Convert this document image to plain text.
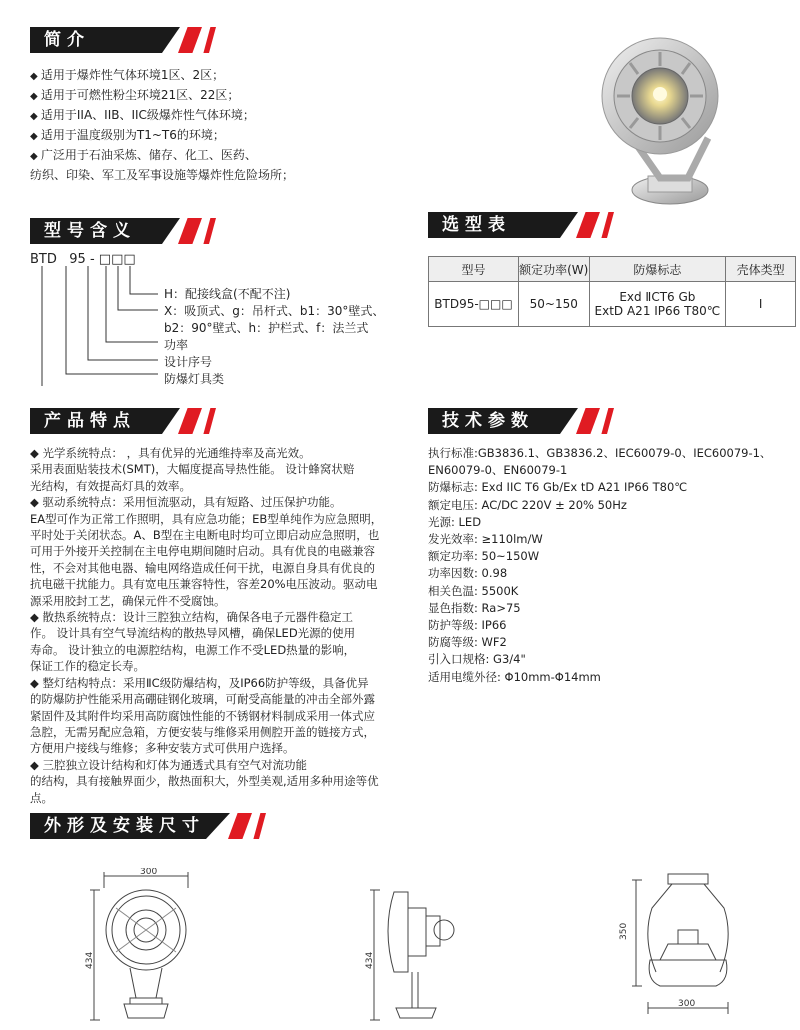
简介

◆ 适用于爆炸性气体环境1区、2区；

◆ 适用于可燃性粉尘环境21区、22区；

◆ 适用于IIA、IIB、IIC级爆炸性气体环境；

◆ 适用于温度级别为T1~T6的环境；

◆ 广泛用于石油采炼、储存、化工、医药、

纺织、印染、军工及军事设施等爆炸性危险场所；

型号含义
BTD 95 - □□□
H：配接线盒(不配不注)
X：吸顶式、g：吊杆式、b1：30°壁式、
b2：90°壁式、h：护栏式、f：法兰式
功率
设计序号
防爆灯具类
选型表
型号	额定功率(W)	防爆标志	壳体类型
BTD95-□□□	50~150	Exd ⅡCT6 Gb
ExtD A21 IP66 T80℃	Ⅰ
产品特点

◆ 光学系统特点： ，具有优异的光通维持率及高光效。

采用表面贴装技术(SMT)，大幅度提高导热性能。 设计蜂窝状赔

光结构，有效提高灯具的效率。

◆ 驱动系统特点：采用恒流驱动，具有短路、过压保护功能。

EA型可作为正常工作照明，具有应急功能；EB型单纯作为应急照明，

平时处于关闭状态。A、B型在主电断电时均可立即启动应急照明，也

可用于外接开关控制在主电停电期间随时启动。具有优良的电磁兼容

性，不会对其他电器、输电网络造成任何干扰，电源自身具有优良的

抗电磁干扰能力。具有宽电压兼容特性，容差20%电压波动。驱动电

源采用胶封工艺，确保元件不受腐蚀。

◆ 散热系统特点：设计三腔独立结构，确保各电子元器件稳定工

作。 设计具有空气导流结构的散热导风槽，确保LED光源的使用

寿命。 设计独立的电源腔结构，电源工作不受LED热量的影响，

保证工作的稳定长寿。

◆ 整灯结构特点：采用ⅡC级防爆结构，及IP66防护等级，具备优异

的防爆防护性能采用高硼硅钢化玻璃，可耐受高能量的冲击全部外露

紧固件及其附件均采用高防腐蚀性能的不锈钢材料制成采用一体式应

急腔，无需另配应急箱，方便安装与维修采用侧腔开盖的链接方式，

方便用户接线与维修；多种安装方式可供用户选择。

◆ 三腔独立设计结构和灯体为通透式具有空气对流功能

的结构，具有接触界面少，散热面积大，外型美观,适用多种用途等优

点。

技术参数

执行标准:GB3836.1、GB3836.2、IEC60079-0、IEC60079-1、

EN60079-0、EN60079-1

防爆标志: Exd IIC T6 Gb/Ex tD A21 IP66 T80℃

额定电压: AC/DC 220V ± 20% 50Hz

光源: LED

发光效率: ≥110lm/W

额定功率: 50~150W

功率因数: 0.98

相关色温: 5500K

显色指数: Ra>75

防护等级: IP66

防腐等级: WF2

引入口规格: G3/4"

适用电缆外径: Φ10mm-Φ14mm

外形及安装尺寸
300
434	434
350
300
